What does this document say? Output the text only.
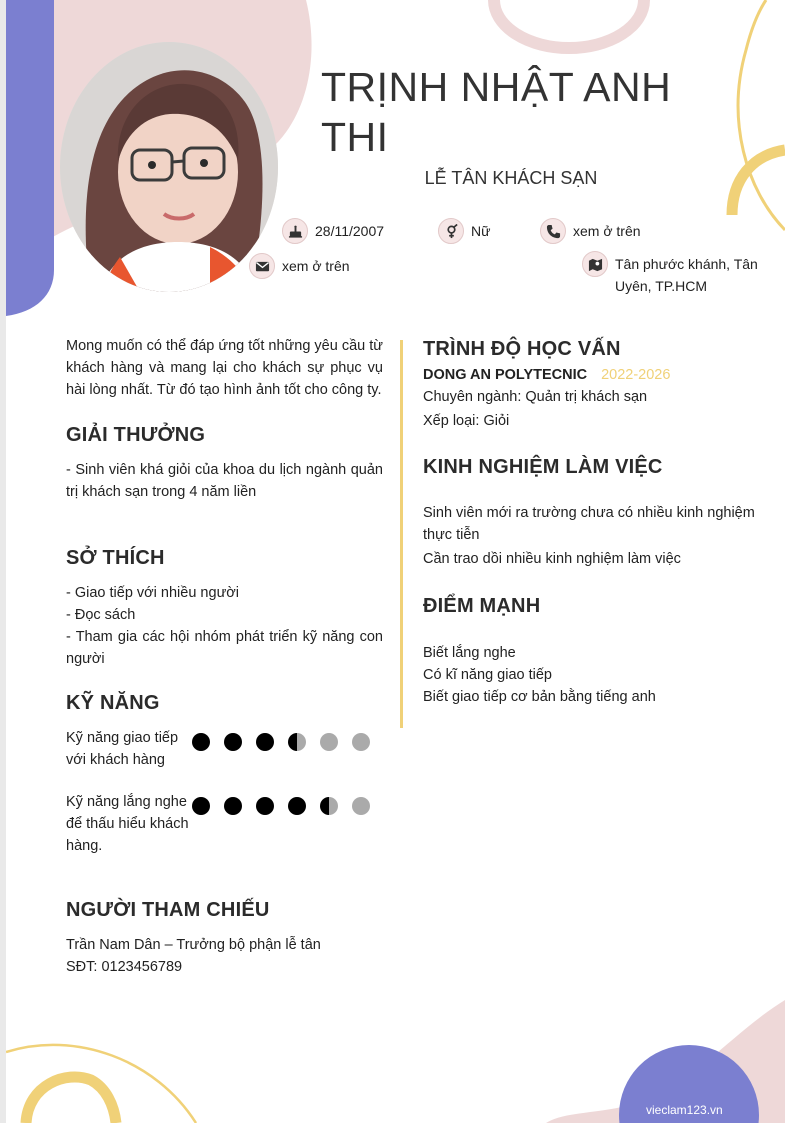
TRỊNH NHẬT ANH THI
LỄ TÂN KHÁCH SẠN
28/11/2007	Nữ	xem ở trên
xem ở trên	Tân phước khánh, Tân Uyên, TP.HCM
Mong muốn có thể đáp ứng tốt những yêu cầu từ khách hàng và mang lại cho khách sự phục vụ hài lòng nhất. Từ đó tạo hình ảnh tốt cho công ty.
GIẢI THƯỞNG
- Sinh viên khá giỏi của khoa du lịch ngành quản trị khách sạn trong 4 năm liền
SỞ THÍCH
- Giao tiếp với nhiều người
- Đọc sách
- Tham gia các hội nhóm phát triển kỹ năng con người
KỸ NĂNG
Kỹ năng giao tiếp với khách hàng
Kỹ năng lắng nghe để thấu hiểu khách hàng.
NGƯỜI THAM CHIẾU
Trần Nam Dân – Trưởng bộ phận lễ tân
SĐT: 0123456789
TRÌNH ĐỘ HỌC VẤN
DONG AN POLYTECNIC 2022-2026
Chuyên ngành: Quản trị khách sạn
Xếp loại: Giỏi
KINH NGHIỆM LÀM VIỆC
Sinh viên mới ra trường chưa có nhiều kinh nghiệm thực tiễn
Cần trao dồi nhiều kinh nghiệm làm việc
ĐIỂM MẠNH
Biết lắng nghe
Có kĩ năng giao tiếp
Biết giao tiếp cơ bản bằng tiếng anh
vieclam123.vn
